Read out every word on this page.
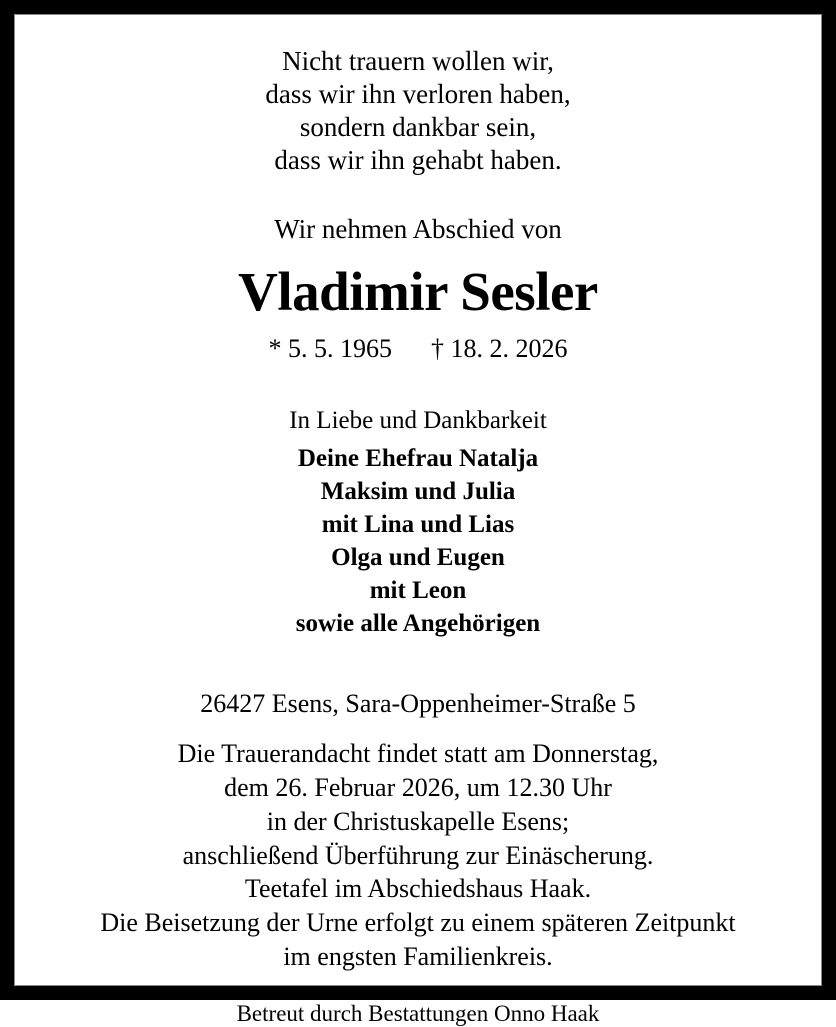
Nicht trauern wollen wir,
dass wir ihn verloren haben,
sondern dankbar sein,
dass wir ihn gehabt haben.
Wir nehmen Abschied von
Vladimir Sesler
* 5. 5. 1965 † 18. 2. 2026
In Liebe und Dankbarkeit
Deine Ehefrau Natalja
Maksim und Julia
mit Lina und Lias
Olga und Eugen
mit Leon
sowie alle Angehörigen
26427 Esens, Sara-Oppenheimer-Straße 5
Die Trauerandacht findet statt am Donnerstag,
dem 26. Februar 2026, um 12.30 Uhr
in der Christuskapelle Esens;
anschließend Überführung zur Einäscherung.
Teetafel im Abschiedshaus Haak.
Die Beisetzung der Urne erfolgt zu einem späteren Zeitpunkt
im engsten Familienkreis.
Betreut durch Bestattungen Onno Haak
